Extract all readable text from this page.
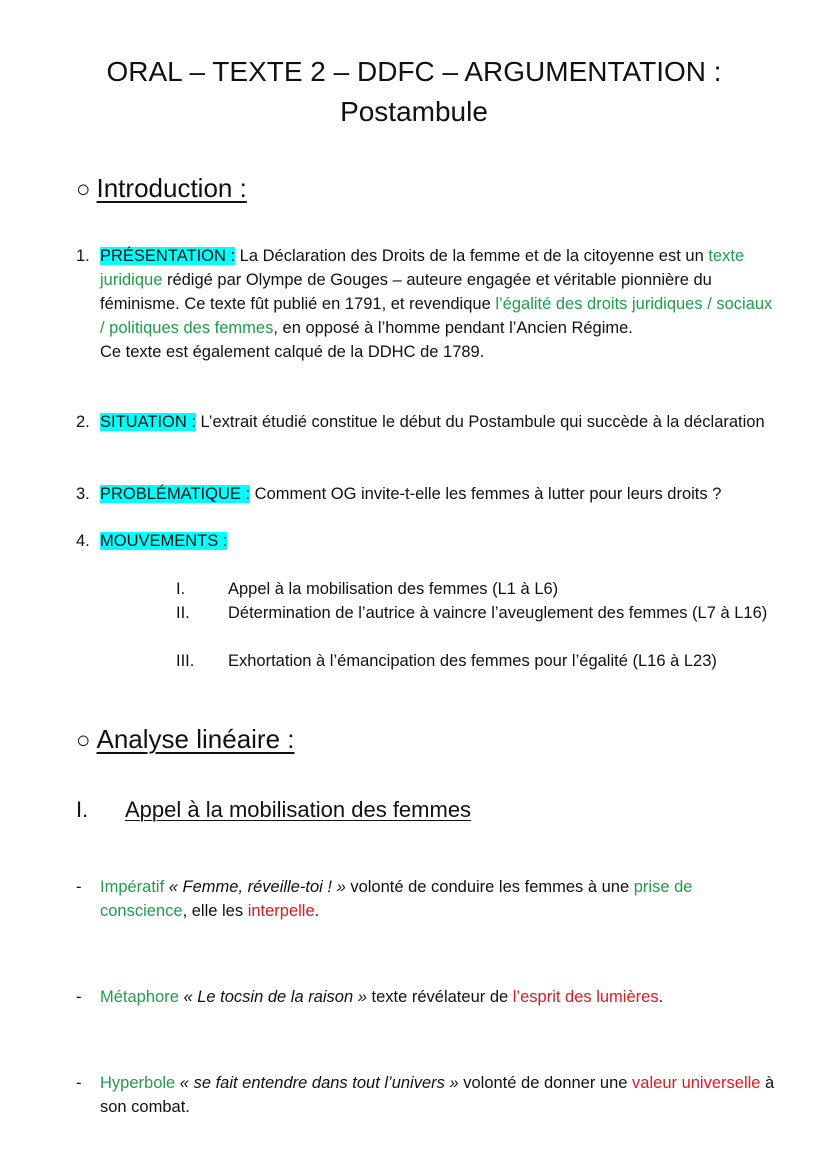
ORAL – TEXTE 2 – DDFC – ARGUMENTATION :
Postambule
○ Introduction :
1. PRÉSENTATION : La Déclaration des Droits de la femme et de la citoyenne est un texte juridique rédigé par Olympe de Gouges – auteure engagée et véritable pionnière du féminisme. Ce texte fût publié en 1791, et revendique l’égalité des droits juridiques / sociaux / politiques des femmes, en opposé à l’homme pendant l’Ancien Régime.
Ce texte est également calqué de la DDHC de 1789.
2. SITUATION : L’extrait étudié constitue le début du Postambule qui succède à la déclaration
3. PROBLÉMATIQUE : Comment OG invite-t-elle les femmes à lutter pour leurs droits ?
4. MOUVEMENTS :
I.	Appel à la mobilisation des femmes (L1 à L6)
II. Détermination de l’autrice à vaincre l’aveuglement des femmes (L7 à L16)
III. Exhortation à l’émancipation des femmes pour l’égalité (L16 à L23)
○ Analyse linéaire :
I. Appel à la mobilisation des femmes
- Impératif « Femme, réveille-toi ! » volonté de conduire les femmes à une prise de conscience, elle les interpelle.
- Métaphore « Le tocsin de la raison » texte révélateur de l’esprit des lumières.
- Hyperbole « se fait entendre dans tout l’univers » volonté de donner une valeur universelle à son combat.
